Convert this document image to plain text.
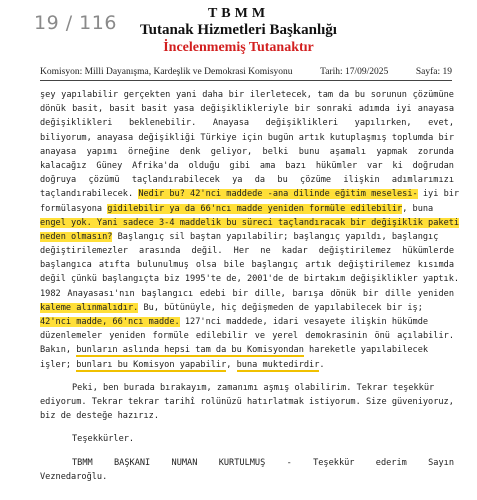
19 / 116	TBMM
Tutanak Hizmetleri Başkanlığı
İncelenmemiş Tutanaktır
Komisyon: Milli Dayanışma, Kardeşlik ve Demokrasi Komisyonu	Tarih: 17/09/2025	Sayfa: 19
şey yapılabilir gerçekten yani daha bir ilerletecek, tam da bu sorunun çözümüne
dönük basit, basit basit yasa değişiklikleriyle bir sonraki adımda iyi anayasa
değişiklikleri beklenebilir. Anayasa değişiklikleri yapılırken, evet,
biliyorum, anayasa değişikliği Türkiye için bugün artık kutuplaşmış toplumda bir
anayasa yapımı örneğine denk geliyor, belki bunu aşamalı yapmak zorunda
kalacağız Güney Afrika'da olduğu gibi ama bazı hükümler var ki doğrudan
doğruya çözümü taçlandırabilecek ya da bu çözüme ilişkin adımlarımızı
taçlandırabilecek. Nedir bu? 42'nci maddede -ana dilinde eğitim meselesi- iyi bir
formülasyona gidilebilir ya da 66'ncı madde yeniden formüle edilebilir, buna
engel yok. Yani sadece 3-4 maddelik bu süreci taçlandıracak bir değişiklik paketi
neden olmasın? Başlangıç sil baştan yapılabilir; başlangıç yapıldı, başlangıç
değiştirilemezler arasında değil. Her ne kadar değiştirilemez hükümlerde
başlangıca atıfta bulunulmuş olsa bile başlangıç artık değiştirilemez kısımda
değil çünkü başlangıçta biz 1995'te de, 2001'de de birtakım değişiklikler yaptık.
1982 Anayasası'nın başlangıcı edebi bir dille, barışa dönük bir dille yeniden
kaleme alınmalıdır. Bu, bütünüyle, hiç değişmeden de yapılabilecek bir iş;
42'nci madde, 66'ncı madde. 127'nci maddede, idari vesayete ilişkin hükümde
düzenlemeler yeniden formüle edilebilir ve yerel demokrasinin önü açılabilir.
Bakın, bunların aslında hepsi tam da bu Komisyondan hareketle yapılabilecek
işler; bunları bu Komisyon yapabilir, buna muktedirdir.
Peki, ben burada bırakayım, zamanımı aşmış olabilirim. Tekrar teşekkür
ediyorum. Tekrar tekrar tarihî rolünüzü hatırlatmak istiyorum. Size güveniyoruz,
biz de desteğe hazırız.
Teşekkürler.
TBMM BAŞKANI NUMAN KURTULMUŞ - Teşekkür ederim Sayın
Veznedaroğlu.
